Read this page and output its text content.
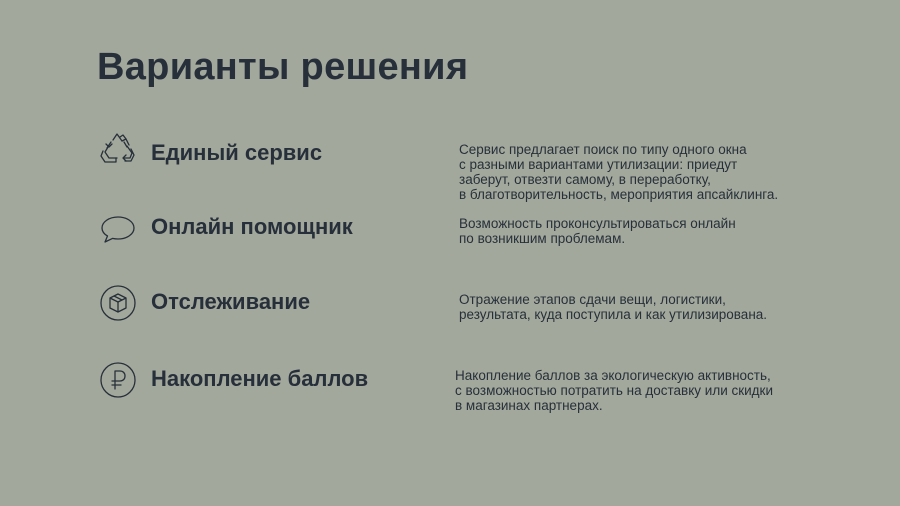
Варианты решения
Единый сервис	Сервис предлагает поиск по типу одного окна
с разными вариантами утилизации: приедут
заберут, отвезти самому, в переработку,
в благотворительность, мероприятия апсайклинга.
Онлайн помощник	Возможность проконсультироваться онлайн
по возникшим проблемам.
Отслеживание	Отражение этапов сдачи вещи, логистики,
результата, куда поступила и как утилизирована.
Накопление баллов	Накопление баллов за экологическую активность,
с возможностью потратить на доставку или скидки
в магазинах партнерах.
